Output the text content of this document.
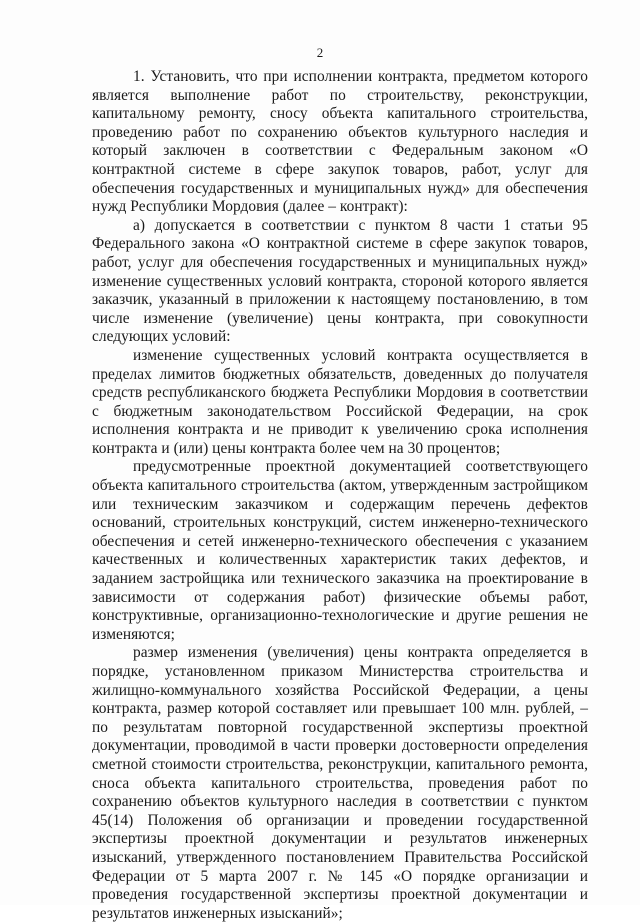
2

1. Установить, что при исполнении контракта, предметом которого является выполнение работ по строительству, реконструкции, капитальному ремонту, сносу объекта капитального строительства, проведению работ по сохранению объектов культурного наследия и который заключен в соответствии с Федеральным законом «О контрактной системе в сфере закупок товаров, работ, услуг для обеспечения государственных и муниципальных нужд» для обеспечения нужд Республики Мордовия (далее – контракт):

а) допускается в соответствии с пунктом 8 части 1 статьи 95 Федерального закона «О контрактной системе в сфере закупок товаров, работ, услуг для обеспечения государственных и муниципальных нужд» изменение существенных условий контракта, стороной которого является заказчик, указанный в приложении к настоящему постановлению, в том числе изменение (увеличение) цены контракта, при совокупности следующих условий:

изменение существенных условий контракта осуществляется в пределах лимитов бюджетных обязательств, доведенных до получателя средств республиканского бюджета Республики Мордовия в соответствии с бюджетным законодательством Российской Федерации, на срок исполнения контракта и не приводит к увеличению срока исполнения контракта и (или) цены контракта более чем на 30 процентов;

предусмотренные проектной документацией соответствующего объекта капитального строительства (актом, утвержденным застройщиком или техническим заказчиком и содержащим перечень дефектов оснований, строительных конструкций, систем инженерно-технического обеспечения и сетей инженерно-технического обеспечения с указанием качественных и количественных характеристик таких дефектов, и заданием застройщика или технического заказчика на проектирование в зависимости от содержания работ) физические объемы работ, конструктивные, организационно-технологические и другие решения не изменяются;

размер изменения (увеличения) цены контракта определяется в порядке, установленном приказом Министерства строительства и жилищно-коммунального хозяйства Российской Федерации, а цены контракта, размер которой составляет или превышает 100 млн. рублей, – по результатам повторной государственной экспертизы проектной документации, проводимой в части проверки достоверности определения сметной стоимости строительства, реконструкции, капитального ремонта, сноса объекта капитального строительства, проведения работ по сохранению объектов культурного наследия в соответствии с пунктом 45(14) Положения об организации и проведении государственной экспертизы проектной документации и результатов инженерных изысканий, утвержденного постановлением Правительства Российской Федерации от 5 марта 2007 г. № 145 «О порядке организации и проведения государственной экспертизы проектной документации и результатов инженерных изысканий»;
